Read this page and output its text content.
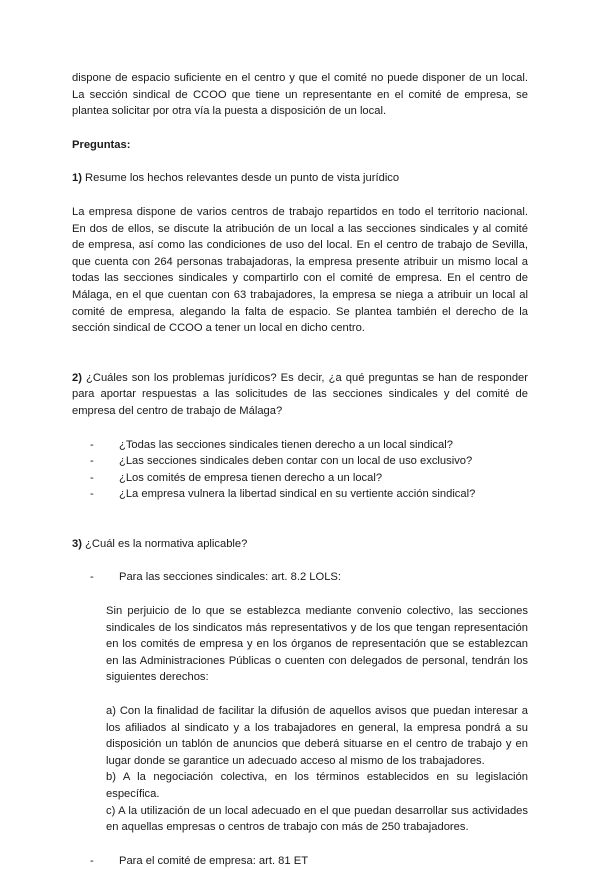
dispone de espacio suficiente en el centro y que el comité no puede disponer de un local. La sección sindical de CCOO que tiene un representante en el comité de empresa, se plantea solicitar por otra vía la puesta a disposición de un local.

Preguntas:

1) Resume los hechos relevantes desde un punto de vista jurídico

La empresa dispone de varios centros de trabajo repartidos en todo el territorio nacional. En dos de ellos, se discute la atribución de un local a las secciones sindicales y al comité de empresa, así como las condiciones de uso del local. En el centro de trabajo de Sevilla, que cuenta con 264 personas trabajadoras, la empresa presente atribuir un mismo local a todas las secciones sindicales y compartirlo con el comité de empresa. En el centro de Málaga, en el que cuentan con 63 trabajadores, la empresa se niega a atribuir un local al comité de empresa, alegando la falta de espacio. Se plantea también el derecho de la sección sindical de CCOO a tener un local en dicho centro.

2) ¿Cuáles son los problemas jurídicos? Es decir, ¿a qué preguntas se han de responder para aportar respuestas a las solicitudes de las secciones sindicales y del comité de empresa del centro de trabajo de Málaga?

- ¿Todas las secciones sindicales tienen derecho a un local sindical?
- ¿Las secciones sindicales deben contar con un local de uso exclusivo?
- ¿Los comités de empresa tienen derecho a un local?
- ¿La empresa vulnera la libertad sindical en su vertiente acción sindical?

3) ¿Cuál es la normativa aplicable?

- Para las secciones sindicales: art. 8.2 LOLS:

Sin perjuicio de lo que se establezca mediante convenio colectivo, las secciones sindicales de los sindicatos más representativos y de los que tengan representación en los comités de empresa y en los órganos de representación que se establezcan en las Administraciones Públicas o cuenten con delegados de personal, tendrán los siguientes derechos:

a) Con la finalidad de facilitar la difusión de aquellos avisos que puedan interesar a los afiliados al sindicato y a los trabajadores en general, la empresa pondrá a su disposición un tablón de anuncios que deberá situarse en el centro de trabajo y en lugar donde se garantice un adecuado acceso al mismo de los trabajadores.

b) A la negociación colectiva, en los términos establecidos en su legislación específica.

c) A la utilización de un local adecuado en el que puedan desarrollar sus actividades en aquellas empresas o centros de trabajo con más de 250 trabajadores.

- Para el comité de empresa: art. 81 ET
